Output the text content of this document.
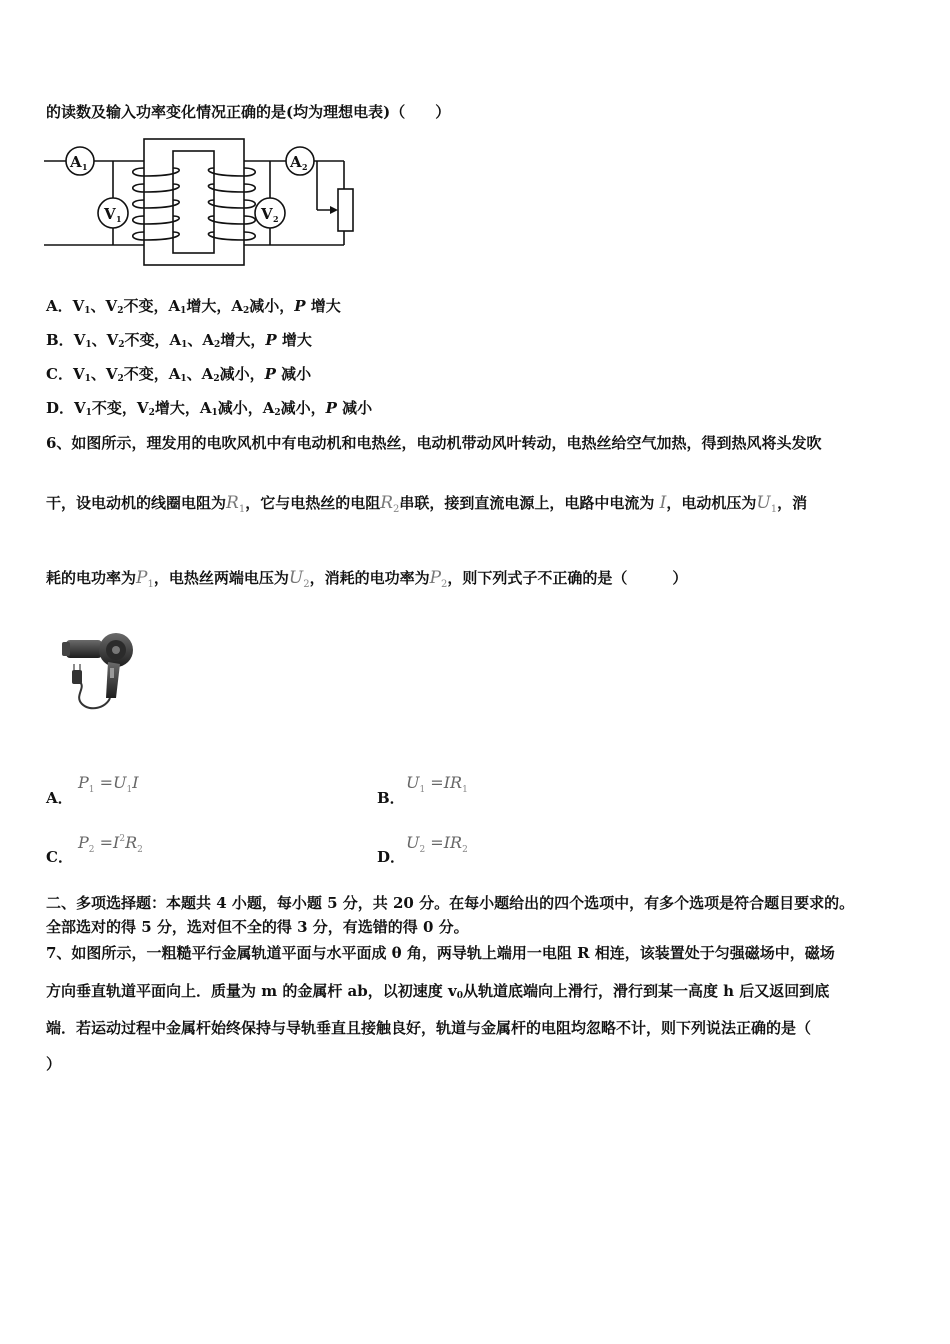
的读数及输入功率变化情况正确的是(均为理想电表)（　　）
A 1	A 2
V 1	V 2
A．$V_1$、$V_2$不变，$A_1$增大，$A_2$减小，P 增大
B．$V_1$、$V_2$不变，$A_1$、$A_2$增大，P 增大
C．$V_1$、$V_2$不变，$A_1$、$A_2$减小，P 减小
D．$V_1$不变，$V_2$增大，$A_1$减小，$A_2$减小，P 减小
6、如图所示，理发用的电吹风机中有电动机和电热丝，电动机带动风叶转动，电热丝给空气加热，得到热风将头发吹
干，设电动机的线圈电阻为$R_1$，它与电热丝的电阻$R_2$串联，接到直流电源上，电路中电流为 I，电动机压为$U_1$，消
耗的电功率为$P_1$，电热丝两端电压为$U_2$，消耗的电功率为$P_2$，则下列式子不正确的是（　　　）
A．
$P_1 =U_1I$
B．
$U_1 =IR_1$
C．
$P_2 =I^2R_2$	D．
$U_2 =IR_2$
二、多项选择题：本题共 4 小题，每小题 5 分，共 20 分。在每小题给出的四个选项中，有多个选项是符合题目要求的。
全部选对的得 5 分，选对但不全的得 3 分，有选错的得 0 分。
7、如图所示，一粗糙平行金属轨道平面与水平面成 θ 角，两导轨上端用一电阻 R 相连，该装置处于匀强磁场中，磁场
方向垂直轨道平面向上．质量为 m 的金属杆 ab，以初速度 $v_0$从轨道底端向上滑行，滑行到某一高度 h 后又返回到底
端．若运动过程中金属杆始终保持与导轨垂直且接触良好，轨道与金属杆的电阻均忽略不计，则下列说法正确的是（
）
